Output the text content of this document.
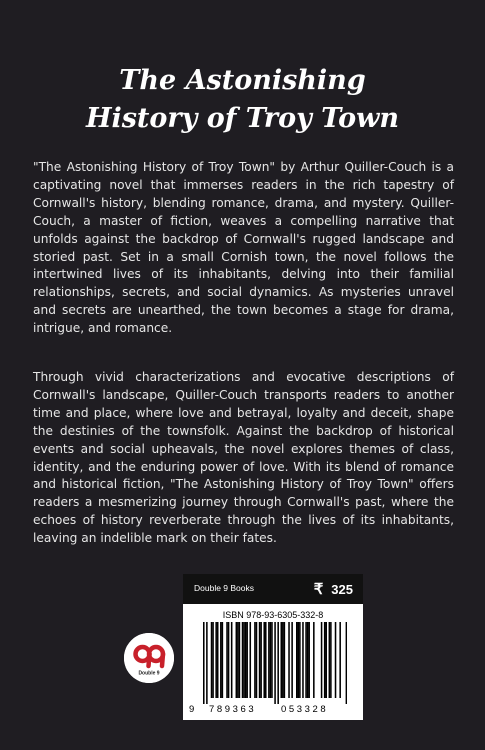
The Astonishing
History of Troy Town

"The Astonishing History of Troy Town" by Arthur Quiller-Couch is a captivating novel that immerses readers in the rich tapestry of Cornwall's history, blending romance, drama, and mystery. Quiller-Couch, a master of fiction, weaves a compelling narrative that unfolds against the backdrop of Cornwall's rugged landscape and storied past. Set in a small Cornish town, the novel follows the intertwined lives of its inhabitants, delving into their familial relationships, secrets, and social dynamics. As mysteries unravel and secrets are unearthed, the town becomes a stage for drama, intrigue, and romance.

Through vivid characterizations and evocative descriptions of Cornwall's landscape, Quiller-Couch transports readers to another time and place, where love and betrayal, loyalty and deceit, shape the destinies of the townsfolk. Against the backdrop of historical events and social upheavals, the novel explores themes of class, identity, and the enduring power of love. With its blend of romance and historical fiction, "The Astonishing History of Troy Town" offers readers a mesmerizing journey through Cornwall's past, where the echoes of history reverberate through the lives of its inhabitants, leaving an indelible mark on their fates.

Double 9
Double 9 Books	₹ 325
ISBN 978-93-6305-332-8
9 789363	053328
